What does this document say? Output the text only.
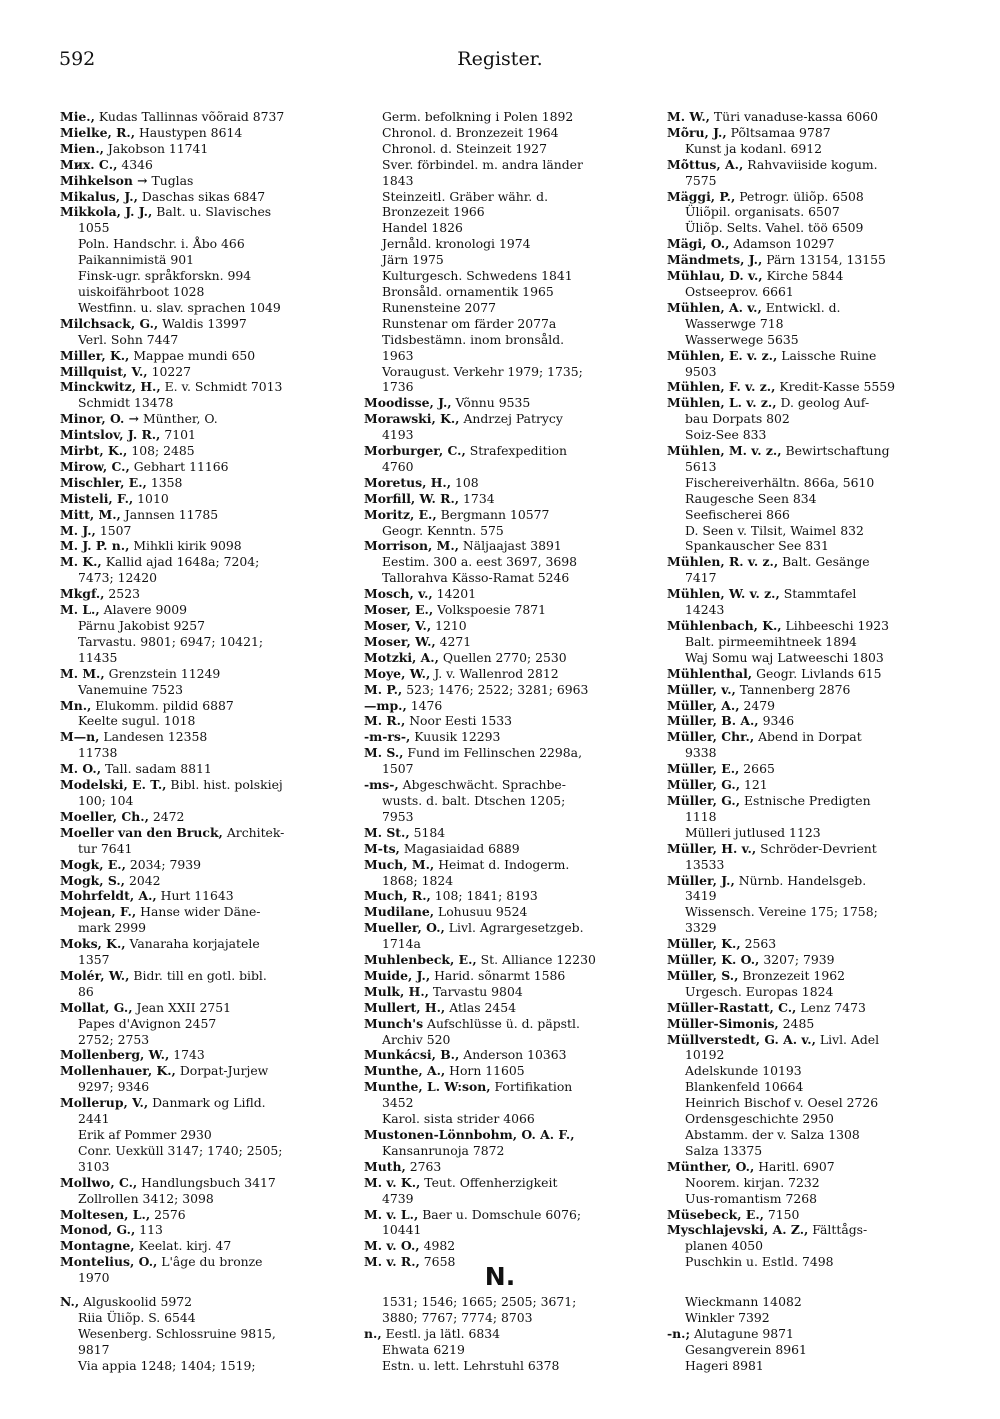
592	Register.
Mie., Kudas Tallinnas võõraid 8737
Mielke, R., Haustypen 8614
Mien., Jakobson 11741
Мих. С., 4346
Mihkelson → Tuglas
Mikalus, J., Daschas sikas 6847
Mikkola, J. J., Balt. u. Slavisches
1055
Poln. Handschr. i. Åbo 466
Paikannimistä 901
Finsk-ugr. språkforskn. 994
uiskoifährboot 1028
Westfinn. u. slav. sprachen 1049
Milchsack, G., Waldis 13997
Verl. Sohn 7447
Miller, K., Mappae mundi 650
Millquist, V., 10227
Minckwitz, H., E. v. Schmidt 7013
Schmidt 13478
Minor, O. → Münther, O.
Mintslov, J. R., 7101
Mirbt, K., 108; 2485
Mirow, C., Gebhart 11166
Mischler, E., 1358
Misteli, F., 1010
Mitt, M., Jannsen 11785
M. J., 1507
M. J. P. n., Mihkli kirik 9098
M. K., Kallid ajad 1648a; 7204;
7473; 12420
Mkgf., 2523
M. L., Alavere 9009
Pärnu Jakobist 9257
Tarvastu. 9801; 6947; 10421;
11435
M. M., Grenzstein 11249
Vanemuine 7523
Mn., Elukomm. pildid 6887
Keelte sugul. 1018
M—n, Landesen 12358
11738
M. O., Tall. sadam 8811
Modelski, E. T., Bibl. hist. polskiej
100; 104
Moeller, Ch., 2472
Moeller van den Bruck, Architek-
tur 7641
Mogk, E., 2034; 7939
Mogk, S., 2042
Mohrfeldt, A., Hurt 11643
Mojean, F., Hanse wider Däne-
mark 2999
Moks, K., Vanaraha korjajatele
1357
Molér, W., Bidr. till en gotl. bibl.
86
Mollat, G., Jean XXII 2751
Papes d'Avignon 2457
2752; 2753
Mollenberg, W., 1743
Mollenhauer, K., Dorpat-Jurjew
9297; 9346
Mollerup, V., Danmark og Lifld.
2441
Erik af Pommer 2930
Conr. Uexküll 3147; 1740; 2505;
3103
Mollwo, C., Handlungsbuch 3417
Zollrollen 3412; 3098
Moltesen, L., 2576
Monod, G., 113
Montagne, Keelat. kirj. 47
Montelius, O., L'âge du bronze
1970
Germ. befolkning i Polen 1892
Chronol. d. Bronzezeit 1964
Chronol. d. Steinzeit 1927
Sver. förbindel. m. andra länder
1843
Steinzeitl. Gräber währ. d.
Bronzezeit 1966
Handel 1826
Jernåld. kronologi 1974
Järn 1975
Kulturgesch. Schwedens 1841
Bronsåld. ornamentik 1965
Runensteine 2077
Runstenar om färder 2077a
Tidsbestämn. inom bronsåld.
1963
Voraugust. Verkehr 1979; 1735;
1736
Moodisse, J., Võnnu 9535
Morawski, K., Andrzej Patrycy
4193
Morburger, C., Strafexpedition
4760
Moretus, H., 108
Morfill, W. R., 1734
Moritz, E., Bergmann 10577
Geogr. Kenntn. 575
Morrison, M., Näljaajast 3891
Eestim. 300 a. eest 3697, 3698
Tallorahva Kässo-Ramat 5246
Mosch, v., 14201
Moser, E., Volkspoesie 7871
Moser, V., 1210
Moser, W., 4271
Motzki, A., Quellen 2770; 2530
Moye, W., J. v. Wallenrod 2812
M. P., 523; 1476; 2522; 3281; 6963
—mp., 1476
M. R., Noor Eesti 1533
-m-rs-, Kuusik 12293
M. S., Fund im Fellinschen 2298a,
1507
-ms-, Abgeschwächt. Sprachbe-
wusts. d. balt. Dtschen 1205;
7953
M. St., 5184
M-ts, Magasiaidad 6889
Much, M., Heimat d. Indogerm.
1868; 1824
Much, R., 108; 1841; 8193
Mudilane, Lohusuu 9524
Mueller, O., Livl. Agrargesetzgeb.
1714a
Muhlenbeck, E., St. Alliance 12230
Muide, J., Harid. sõnarmt 1586
Mulk, H., Tarvastu 9804
Mullert, H., Atlas 2454
Munch's Aufschlüsse ü. d. päpstl.
Archiv 520
Munkácsi, B., Anderson 10363
Munthe, A., Horn 11605
Munthe, L. W:son, Fortifikation
3452
Karol. sista strider 4066
Mustonen-Lönnbohm, O. A. F.,
Kansanrunoja 7872
Muth, 2763
M. v. K., Teut. Offenherzigkeit
4739
M. v. L., Baer u. Domschule 6076;
10441
M. v. O., 4982
M. v. R., 7658
M. W., Türi vanaduse-kassa 6060
Mõru, J., Põltsamaa 9787
Kunst ja kodanl. 6912
Mõttus, A., Rahvaviiside kogum.
7575
Mäggi, P., Petrogr. üliõp. 6508
Üliõpil. organisats. 6507
Üliõp. Selts. Vahel. töö 6509
Mägi, O., Adamson 10297
Mändmets, J., Pärn 13154, 13155
Mühlau, D. v., Kirche 5844
Ostseeprov. 6661
Mühlen, A. v., Entwickl. d.
Wasserwge 718
Wasserwege 5635
Mühlen, E. v. z., Laissche Ruine
9503
Mühlen, F. v. z., Kredit-Kasse 5559
Mühlen, L. v. z., D. geolog Auf-
bau Dorpats 802
Soiz-See 833
Mühlen, M. v. z., Bewirtschaftung
5613
Fischereiverhältn. 866a, 5610
Raugesche Seen 834
Seefischerei 866
D. Seen v. Tilsit, Waimel 832
Spankauscher See 831
Mühlen, R. v. z., Balt. Gesänge
7417
Mühlen, W. v. z., Stammtafel
14243
Mühlenbach, K., Lihbeeschi 1923
Balt. pirmeemihtneek 1894
Waj Somu waj Latweeschi 1803
Mühlenthal, Geogr. Livlands 615
Müller, v., Tannenberg 2876
Müller, A., 2479
Müller, B. A., 9346
Müller, Chr., Abend in Dorpat
9338
Müller, E., 2665
Müller, G., 121
Müller, G., Estnische Predigten
1118
Mülleri jutlused 1123
Müller, H. v., Schröder-Devrient
13533
Müller, J., Nürnb. Handelsgeb.
3419
Wissensch. Vereine 175; 1758;
3329
Müller, K., 2563
Müller, K. O., 3207; 7939
Müller, S., Bronzezeit 1962
Urgesch. Europas 1824
Müller-Rastatt, C., Lenz 7473
Müller-Simonis, 2485
Müllverstedt, G. A. v., Livl. Adel
10192
Adelskunde 10193
Blankenfeld 10664
Heinrich Bischof v. Oesel 2726
Ordensgeschichte 2950
Abstamm. der v. Salza 1308
Salza 13375
Münther, O., Haritl. 6907
Noorem. kirjan. 7232
Uus-romantism 7268
Müsebeck, E., 7150
Myschlajevski, A. Z., Fälttågs-
planen 4050
Puschkin u. Estld. 7498
N.
N., Alguskoolid 5972
Riia Üliõp. S. 6544
Wesenberg. Schlossruine 9815,
9817
Via appia 1248; 1404; 1519;
1531; 1546; 1665; 2505; 3671;
3880; 7767; 7774; 8703
n., Eestl. ja lätl. 6834
Ehwata 6219
Estn. u. lett. Lehrstuhl 6378
Wieckmann 14082
Winkler 7392
-n.; Alutagune 9871
Gesangverein 8961
Hageri 8981
